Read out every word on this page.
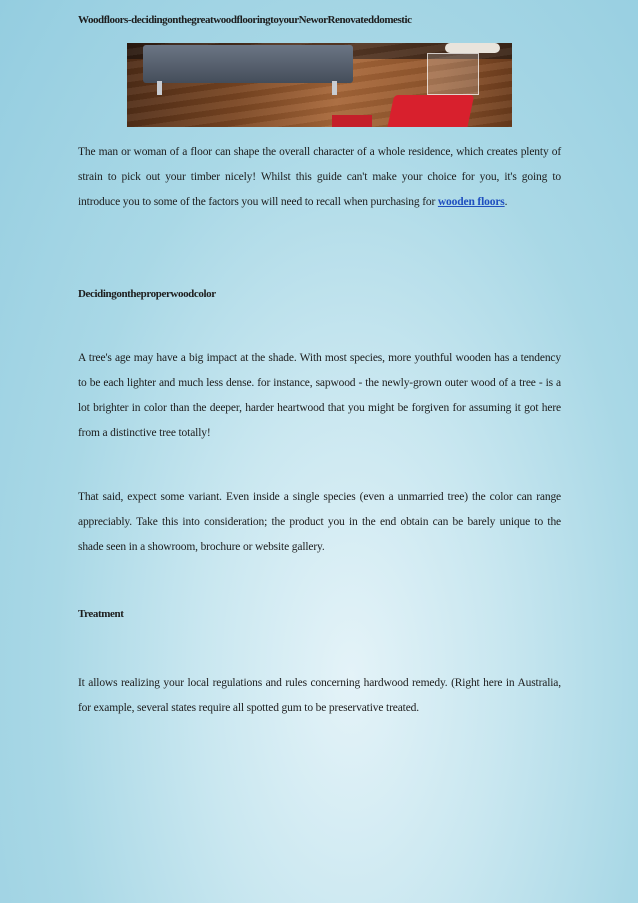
Woodfloors-decidingonthegreatwoodflooringtoyourNeworRenovateddomestic

The man or woman of a floor can shape the overall character of a whole residence, which creates plenty of strain to pick out your timber nicely! Whilst this guide can't make your choice for you, it's going to introduce you to some of the factors you will need to recall when purchasing for wooden floors.

Decidingontheproperwoodcolor

A tree's age may have a big impact at the shade. With most species, more youthful wooden has a tendency to be each lighter and much less dense. for instance, sapwood - the newly-grown outer wood of a tree - is a lot brighter in color than the deeper, harder heartwood that you might be forgiven for assuming it got here from a distinctive tree totally!

That said, expect some variant. Even inside a single species (even a unmarried tree) the color can range appreciably. Take this into consideration; the product you in the end obtain can be barely unique to the shade seen in a showroom, brochure or website gallery.

Treatment

It allows realizing your local regulations and rules concerning hardwood remedy. (Right here in Australia, for example, several states require all spotted gum to be preservative treated.
